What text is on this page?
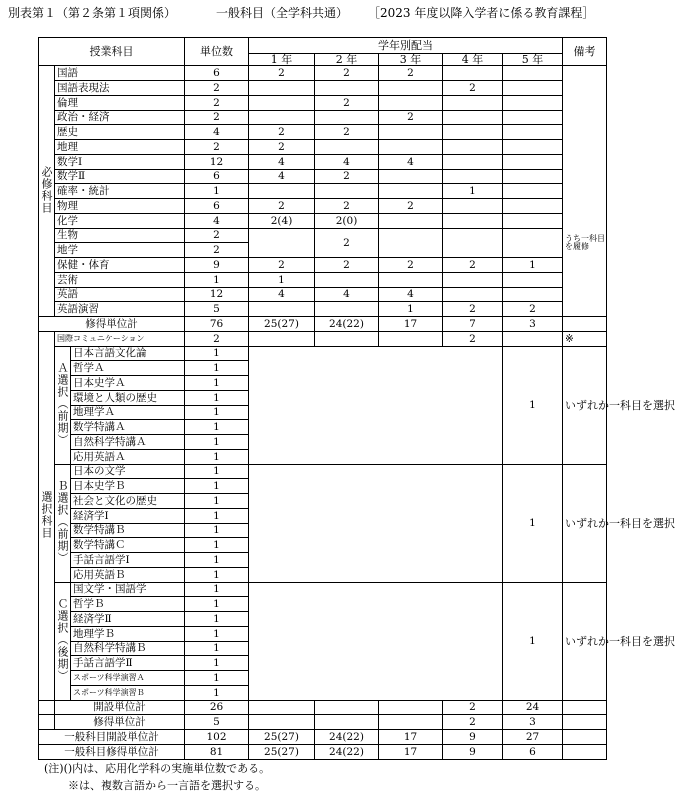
別表第１（第２条第１項関係）	一般科目（全学科共通） ［2023 年度以降入学者に係る教育課程］
授業科目			単位数	学年別配当					備考
				1 年	2 年	3 年	4 年	5 年	
必修科目	国語		6	2	2	2			うち一科目を履修

	国語表現法		2				2		
	倫理		2		2				
	政治・経済		2			2			
	歴史		4	2	2				
	地理		2	2					
	数学Ⅰ		12	4	4	4			
	数学Ⅱ		6	4	2				
	確率・統計		1				1		
	物理		6	2	2	2			
	化学		4	2(4)	2(0)				
	生物		2		2				
	地学		2						
	保健・体育		9	2	2	2	2	1	
	芸術		1	1					
	英語		12	4	4	4			
	英語演習		5			1	2	2	
修得単位計			76	25(27)	24(22)	17	7	3	
選択科目	国際コミュニケーション		2				2		※
	Ａ選択（前期）	日本言語文化論	1					1	いずれか一科目を選択
		哲学Ａ	1						
		日本史学Ａ	1						
		環境と人類の歴史	1						
		地理学Ａ	1						
		数学特講Ａ	1						
		自然科学特講Ａ	1						
		応用英語Ａ	1						
	Ｂ選択（前期）	日本の文学	1					1	いずれか一科目を選択
		日本史学Ｂ	1						
		社会と文化の歴史	1						
		経済学Ⅰ	1						
		数学特講Ｂ	1						
		数学特講Ｃ	1						
		手話言語学Ⅰ	1						
		応用英語Ｂ	1						
	Ｃ選択（後期）	国文学・国語学	1					1	いずれか一科目を選択
		哲学Ｂ	1						
		経済学Ⅱ	1						
		地理学Ｂ	1						
		自然科学特講Ｂ	1						
		手話言語学Ⅱ	1						
		スポーツ科学演習Ａ	1						
		スポーツ科学演習Ｂ	1						
	開設単位計		26				2	24	
	修得単位計		5				2	3	
一般科目開設単位計			102	25(27)	24(22)	17	9	27	
一般科目修得単位計			81	25(27)	24(22)	17	9	6	
(注)()内は、応用化学科の実施単位数である。
※は、複数言語から一言語を選択する。
